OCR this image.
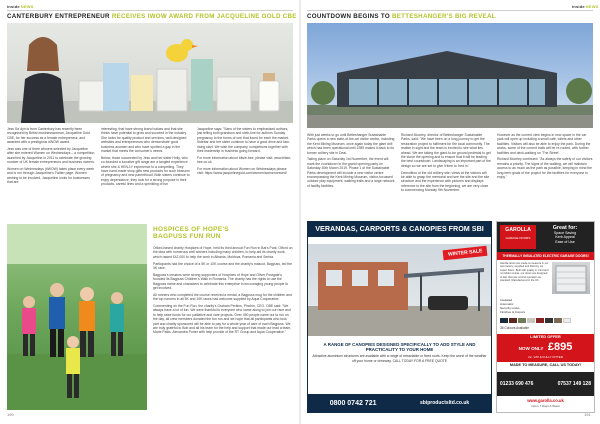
insideNEWS
CANTERBURY ENTREPRENEUR RECEIVES IWOW AWARD FROM JACQUELINE GOLD CBE

Jess Sa`dyn is from Canterbury has recently been recognised by British businesswoman, Jacqueline Gold CBE, for her success as a female entrepreneur, and awarded with a prestigious #WOW award.

Jess was one of three winners selected by Jacqueline after she entered Women on Wednesdays – a competition launched by Jacqueline in 2011 to celebrate the growing number of UK female entrepreneurs and business owners.

Women on Wednesdays (#WOW) takes place every week and is run through Jacqueline's Twitter page. Women wishing to be involved, Jacqueline looks for businesses that are

interesting, that have strong brand values and that she thinks have potential to grow and succeed in the industry. She looks for quality product and services, well-designed websites and entrepreneurs who demonstrate good business acumen and who have spotted a gap in the market that meets the consumer's needs.

Below, those succeeded by Jess and her sister Holly, who co-founded a lucrative gift range are a tangled experience where she & HEN-LY experience to a compelling. They have hand-made shop gifts new products for such blossom of pregnancy and new parenthood. Both sisters continue to enjoy dependance, they look for a strong purpose in their products, careful lines and a sprinkling of fun

Jacqueline says: "Sans of the sisters to emphasised authors, just telling both grandson and sixth-line for authors Sunday pregnancy to the forms of one that fused for each the market. Sidebar and her sister continue to have a good drive and fast-rising start. We wish the company, completions together with their leadership in business going forward.

For more information about bitsie-bee, please visit: www.bitsie-bee.co.uk

For more information about Women on Wednesdays please visit: https://www.jacquelinegold.com/women/womenonwed/

HOSPICES OF HOPE'S
BAGPUSS FUN RUN

Otford-based charity Hospices of Hope, held its third annual Fun Run in Bat's Park, Otford on the idea with numerous well wishers including many children, to help aid its charity work, which raised £42,000 to help the work in Albania, Moldova, Romania and Serbia.

Participants had the choice of a 5K or 10K course and the charity's mascot, Bagpuss, led the 3K race.

Bagpuss's creators were strong supporters of Hospices of Hope and Oliver Postgate's founded its Bagpuss Children's Walk in Romania. The charity has the rights to use the Bagpuss name and characters to celebrate this enterprise in encouraging young people to get involved.

All runners who completed the course received a medal, a Bagpuss mug for the children and the top runners in all 5K and 10K races had welcome supplied by Aqua Cooperative.

Commenting on the Fun Run, the charity's Graham Perkins, Pinchin, CEO, OBE said: "We always have a lot of fun. We were thankful to everyone who came along to join our race and to help raise funds for our palliative and care projects. Over 450 people came out to run on the day, all crew members donated the fun run and we hope that all participants who took part and charity sponsored will be able to pay for a whole year of care of each Bagpuss. We are truly grateful to Bob and all his team for the help and support that made our lead a team, Marie Pakis, Alexandra Porter with help provide of the RT Group and Aqua Cooperative."

190
insideNEWS
COUNTDOWN BEGINS TO BETTESHANGER'S BIG REVEAL

With just weeks to go until Betteshanger Sustainable Parks opens a new state-of-the-art visitor centre, including the Kent Mining Museum, once again today the giant drill which had been operational until 1989 makes it back to its former colliery site in Deal.

Taking place on Saturday 1st November, the event will mark the countdown to the grand opening party on Saturday 30th March 2019. Phase 1 of the Sustainable Parks development will include a new visitor centre encompassing the Kent Mining Museum, visitor-focussed outdoor play equipment, walking trails and a large network of facility facilities.

Richard Moorley, director of Betteshanger Sustainable Parks, said: "We have been on a long journey to get the restoration project to fulfilment for the local community. The realise in sight and the team is excited to see what lies ahead. We are taking the giant-to-be ground pedestal to get the stone the opening and to ensure that it will be leading the best countdown. Landscaping is an important part of the design so we are set to give it time to 'bed in.'

Demolition of the old colliery site; views at the visitors will be able to grasp the memorial and see the site and the site structure and the experience with pictures and displays reference to the site from the beginning, we are very close to commencing Monday 9th November.

However as the current view begins in new space in the car park will open up including a small café, toilets and other facilities. Visitors will also be able to enjoy the park. During the works, some of the current trails will be re-routed, with further facilities and deck-walking on 'The Street'.

Richard Moorley continued: "As always the safety of our visitors remains a priority. The signs of the walking, we will maintain access to as much as the path as possible, keeping in mind the long-term goals of the project for the facilities for everyone to enjoy."

VERANDAS, CARPORTS & CANOPIES FROM SBI
WINTER SALE
A RANGE OF CANOPIES DESIGNED SPECIFICALLY TO ADD STYLE AND PRACTICALITY TO YOUR HOME
Attractive aluminium structures are available with a range of retractable or fixed roofs. Keep the worst of the weather off your home or driveway. CALL TODAY FOR A FREE QUOTE
0800 0742 721	sbiproductsltd.co.uk
GAROLLA
GARAGE DOORS
Great for:
Space Saving
Kerb Appeal
Ease of Use
THERMALLY INSULATED ELECTRIC GARAGE DOORS!
Garolla doors are made-to-measure in our own factory, supplied and fitted by our expert fitters. Built with quality in mind and no hidden extras, our doors are designed to last. Remote control operation as standard. Manufactured in the UK.
Insulated
Automatic
Security Locks
Finishes & Colours
36 Colours Available
LIMITED OFFER
NOW ONLY £895
inc. VAT & FULLY FITTED
MADE TO MEASURE, CALL US TODAY!
01233 690 476	07537 149 128
www.garolla.co.uk
Open 7 Days A Week
191
